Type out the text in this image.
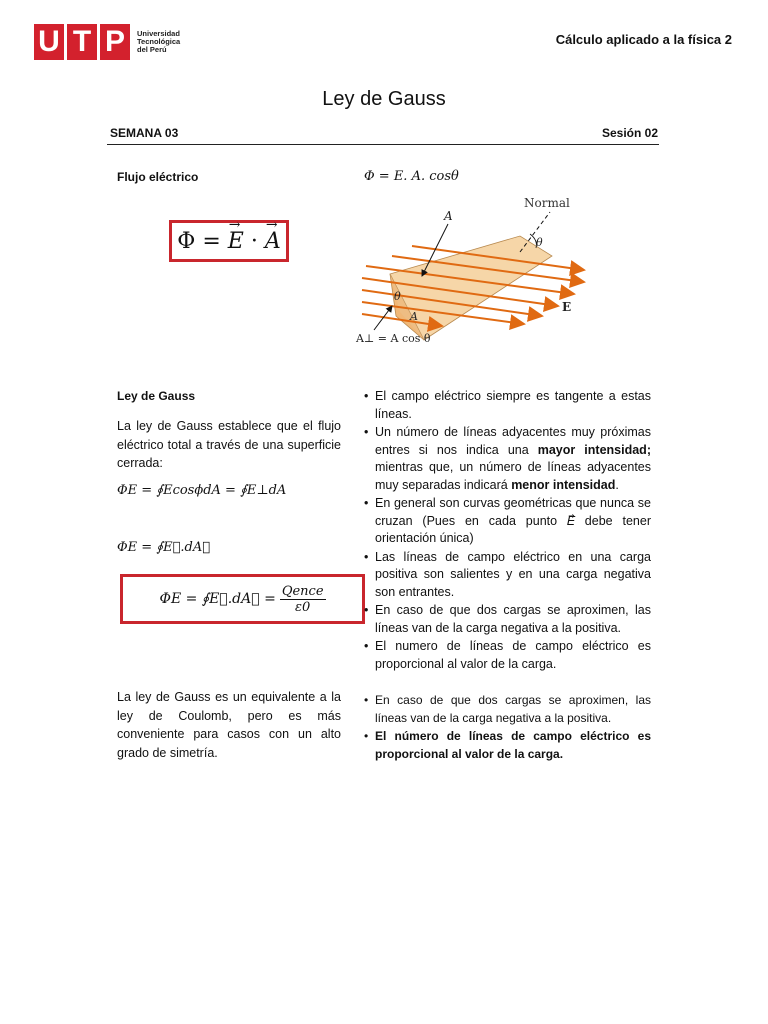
U T P	Universidad
Tecnológica
del Perú
Cálculo aplicado a la física 2
Ley de Gauss
SEMANA 03	Sesión 02
Flujo eléctrico	𝛷 = 𝐸. 𝐴. 𝑐𝑜𝑠𝜃
Φ = E
→
· A
→
Normal
A
θ
θ
A
E
A⊥ = A cos θ
Ley de Gauss
La ley de Gauss establece que el flujo eléctrico total a través de una superficie cerrada:
𝛷𝐸 = ∮𝐸𝑐𝑜𝑠𝜙𝑑𝐴 = ∮𝐸⊥𝑑𝐴
𝛷𝐸 = ∮𝐸⃗.𝑑𝐴⃗
𝛷𝐸 = ∮𝐸⃗.𝑑𝐴⃗ = 𝑄𝑒𝑛𝑐𝑒
𝜀0
La ley de Gauss es un equivalente a la ley de Coulomb, pero es más conveniente para casos con un alto grado de simetría.
• El campo eléctrico siempre es tangente a estas líneas.
• Un número de líneas adyacentes muy próximas entres si nos indica una mayor intensidad; mientras que, un número de líneas adyacentes muy separadas indicará menor intensidad.
• En general son curvas geométricas que nunca se cruzan (Pues en cada punto 𝐸⃗ debe tener orientación única)
• Las líneas de campo eléctrico en una carga positiva son salientes y en una carga negativa son entrantes.
• En caso de que dos cargas se aproximen, las líneas van de la carga negativa a la positiva.
• El numero de líneas de campo eléctrico es proporcional al valor de la carga.
• En caso de que dos cargas se aproximen, las líneas van de la carga negativa a la positiva.
• El número de líneas de campo eléctrico es proporcional al valor de la carga.
